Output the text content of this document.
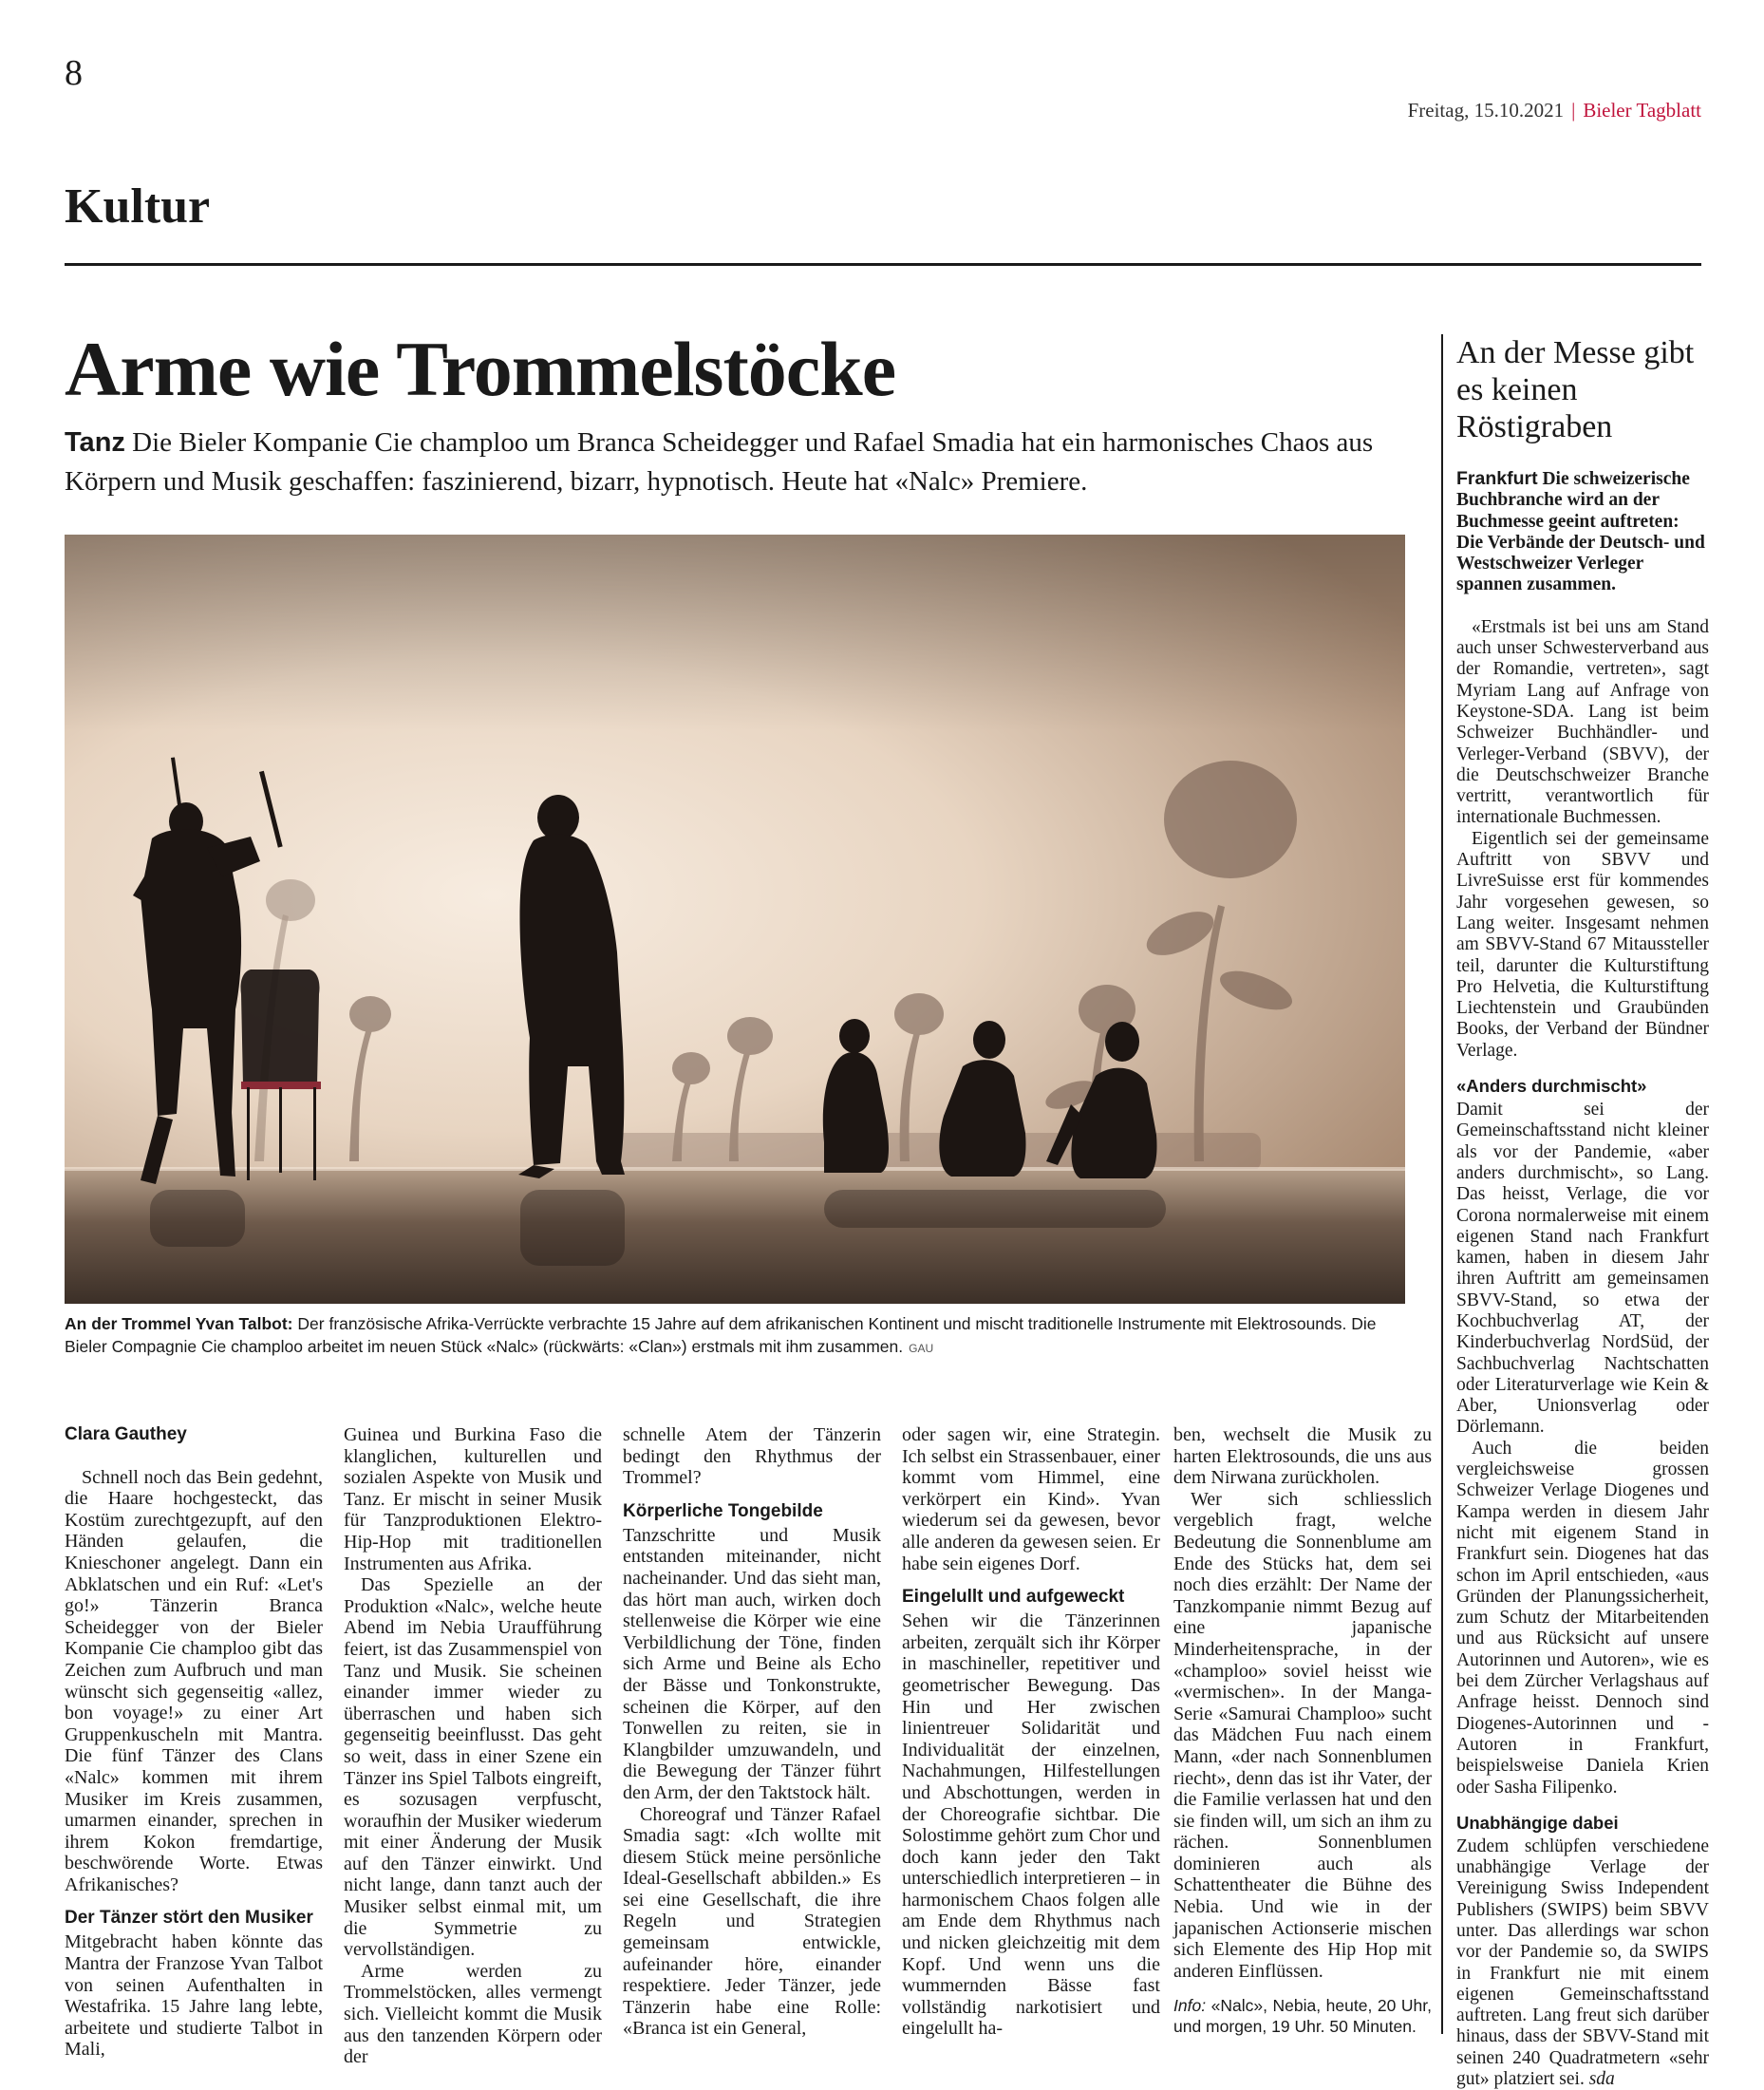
8
Freitag, 15.10.2021 | Bieler Tagblatt
Kultur
Arme wie Trommelstöcke
Tanz Die Bieler Kompanie Cie champloo um Branca Scheidegger und Rafael Smadia hat ein harmonisches Chaos aus Körpern und Musik geschaffen: faszinierend, bizarr, hypnotisch. Heute hat «Nalc» Premiere.
An der Trommel Yvan Talbot: Der französische Afrika-Verrückte verbrachte 15 Jahre auf dem afrikanischen Kontinent und mischt traditionelle Instrumente mit Elektrosounds. Die Bieler Compagnie Cie champloo arbeitet im neuen Stück «Nalc» (rückwärts: «Clan») erstmals mit ihm zusammen. GAU

Clara Gauthey

Schnell noch das Bein gedehnt, die Haare hochgesteckt, das Kostüm zurechtgezupft, auf den Händen gelaufen, die Knieschoner angelegt. Dann ein Abklatschen und ein Ruf: «Let's go!» Tänzerin Branca Scheidegger von der Bieler Kompanie Cie champloo gibt das Zeichen zum Aufbruch und man wünscht sich gegenseitig «allez, bon voyage!» zu einer Art Gruppenkuscheln mit Mantra. Die fünf Tänzer des Clans «Nalc» kommen mit ihrem Musiker im Kreis zusammen, umarmen einander, sprechen in ihrem Kokon fremdartige, beschwörende Worte. Etwas Afrikanisches?

Der Tänzer stört den Musiker

Mitgebracht haben könnte das Mantra der Franzose Yvan Talbot von seinen Aufenthalten in Westafrika. 15 Jahre lang lebte, arbeitete und studierte Talbot in Mali,

Guinea und Burkina Faso die klanglichen, kulturellen und sozialen Aspekte von Musik und Tanz. Er mischt in seiner Musik für Tanzproduktionen Elektro-Hip-Hop mit traditionellen Instrumenten aus Afrika.

Das Spezielle an der Produktion «Nalc», welche heute Abend im Nebia Uraufführung feiert, ist das Zusammenspiel von Tanz und Musik. Sie scheinen einander immer wieder zu überraschen und haben sich gegenseitig beeinflusst. Das geht so weit, dass in einer Szene ein Tänzer ins Spiel Talbots eingreift, es sozusagen verpfuscht, woraufhin der Musiker wiederum mit einer Änderung der Musik auf den Tänzer einwirkt. Und nicht lange, dann tanzt auch der Musiker selbst einmal mit, um die Symmetrie zu vervollständigen.

Arme werden zu Trommelstöcken, alles vermengt sich. Vielleicht kommt die Musik aus den tanzenden Körpern oder der

schnelle Atem der Tänzerin bedingt den Rhythmus der Trommel?

Körperliche Tongebilde

Tanzschritte und Musik entstanden miteinander, nicht nacheinander. Und das sieht man, das hört man auch, wirken doch stellenweise die Körper wie eine Verbildlichung der Töne, finden sich Arme und Beine als Echo der Bässe und Tonkonstrukte, scheinen die Körper, auf den Tonwellen zu reiten, sie in Klangbilder umzuwandeln, und die Bewegung der Tänzer führt den Arm, der den Taktstock hält.

Choreograf und Tänzer Rafael Smadia sagt: «Ich wollte mit diesem Stück meine persönliche Ideal-Gesellschaft abbilden.» Es sei eine Gesellschaft, die ihre Regeln und Strategien gemeinsam entwickle, aufeinander höre, einander respektiere. Jeder Tänzer, jede Tänzerin habe eine Rolle: «Branca ist ein General,

oder sagen wir, eine Strategin. Ich selbst ein Strassenbauer, einer kommt vom Himmel, eine verkörpert ein Kind». Yvan wiederum sei da gewesen, bevor alle anderen da gewesen seien. Er habe sein eigenes Dorf.

Eingelullt und aufgeweckt

Sehen wir die Tänzerinnen arbeiten, zerquält sich ihr Körper in maschineller, repetitiver und geometrischer Bewegung. Das Hin und Her zwischen linientreuer Solidarität und Individualität der einzelnen, Nachahmungen, Hilfestellungen und Abschottungen, werden in der Choreografie sichtbar. Die Solostimme gehört zum Chor und doch kann jeder den Takt unterschiedlich interpretieren – in harmonischem Chaos folgen alle am Ende dem Rhythmus nach und nicken gleichzeitig mit dem Kopf. Und wenn uns die wummernden Bässe fast vollständig narkotisiert und eingelullt ha-

ben, wechselt die Musik zu harten Elektrosounds, die uns aus dem Nirwana zurückholen.

Wer sich schliesslich vergeblich fragt, welche Bedeutung die Sonnenblume am Ende des Stücks hat, dem sei noch dies erzählt: Der Name der Tanzkompanie nimmt Bezug auf eine japanische Minderheitensprache, in der «champloo» soviel heisst wie «vermischen». In der Manga-Serie «Samurai Champloo» sucht das Mädchen Fuu nach einem Mann, «der nach Sonnenblumen riecht», denn das ist ihr Vater, der die Familie verlassen hat und den sie finden will, um sich an ihm zu rächen. Sonnenblumen dominieren auch als Schattentheater die Bühne des Nebia. Und wie in der japanischen Actionserie mischen sich Elemente des Hip Hop mit anderen Einflüssen.

Info: «Nalc», Nebia, heute, 20 Uhr, und morgen, 19 Uhr. 50 Minuten.

An der Messe gibt es keinen Röstigraben

Frankfurt Die schweizerische Buchbranche wird an der Buchmesse geeint auftreten: Die Verbände der Deutsch- und Westschweizer Verleger spannen zusammen.

«Erstmals ist bei uns am Stand auch unser Schwesterverband aus der Romandie, vertreten», sagt Myriam Lang auf Anfrage von Keystone-SDA. Lang ist beim Schweizer Buchhändler- und Verleger-Verband (SBVV), der die Deutschschweizer Branche vertritt, verantwortlich für internationale Buchmessen.

Eigentlich sei der gemeinsame Auftritt von SBVV und LivreSuisse erst für kommendes Jahr vorgesehen gewesen, so Lang weiter. Insgesamt nehmen am SBVV-Stand 67 Mitaussteller teil, darunter die Kulturstiftung Pro Helvetia, die Kulturstiftung Liechtenstein und Graubünden Books, der Verband der Bündner Verlage.

«Anders durchmischt»

Damit sei der Gemeinschaftsstand nicht kleiner als vor der Pandemie, «aber anders durchmischt», so Lang. Das heisst, Verlage, die vor Corona normalerweise mit einem eigenen Stand nach Frankfurt kamen, haben in diesem Jahr ihren Auftritt am gemeinsamen SBVV-Stand, so etwa der Kochbuchverlag AT, der Kinderbuchverlag NordSüd, der Sachbuchverlag Nachtschatten oder Literaturverlage wie Kein & Aber, Unionsverlag oder Dörlemann.

Auch die beiden vergleichsweise grossen Schweizer Verlage Diogenes und Kampa werden in diesem Jahr nicht mit eigenem Stand in Frankfurt sein. Diogenes hat das schon im April entschieden, «aus Gründen der Planungssicherheit, zum Schutz der Mitarbeitenden und aus Rücksicht auf unsere Autorinnen und Autoren», wie es bei dem Zürcher Verlagshaus auf Anfrage heisst. Dennoch sind Diogenes-Autorinnen und -Autoren in Frankfurt, beispielsweise Daniela Krien oder Sasha Filipenko.

Unabhängige dabei

Zudem schlüpfen verschiedene unabhängige Verlage der Vereinigung Swiss Independent Publishers (SWIPS) beim SBVV unter. Das allerdings war schon vor der Pandemie so, da SWIPS in Frankfurt nie mit einem eigenen Gemeinschaftsstand auftreten. Lang freut sich darüber hinaus, dass der SBVV-Stand mit seinen 240 Quadratmetern «sehr gut» platziert sei. sda
